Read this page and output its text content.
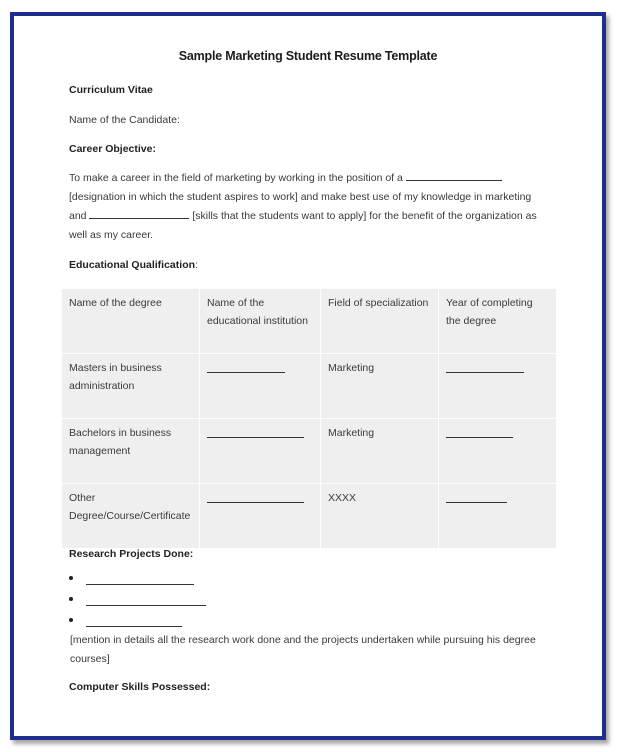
Sample Marketing Student Resume Template
Curriculum Vitae
Name of the Candidate:
Career Objective:
To make a career in the field of marketing by working in the position of a
[designation in which the student aspires to work] and make best use of my knowledge in marketing
and	[skills that the students want to apply] for the benefit of the organization as
well as my career.
Educational Qualification:
Name of the degree	Name of the educational institution	Field of specialization	Year of completing the degree
Masters in business administration		Marketing	

Bachelors in business management		Marketing	

Other Degree/Course/Certificate		XXXX	
Research Projects Done:
[mention in details all the research work done and the projects undertaken while pursuing his degree courses]
Computer Skills Possessed:
